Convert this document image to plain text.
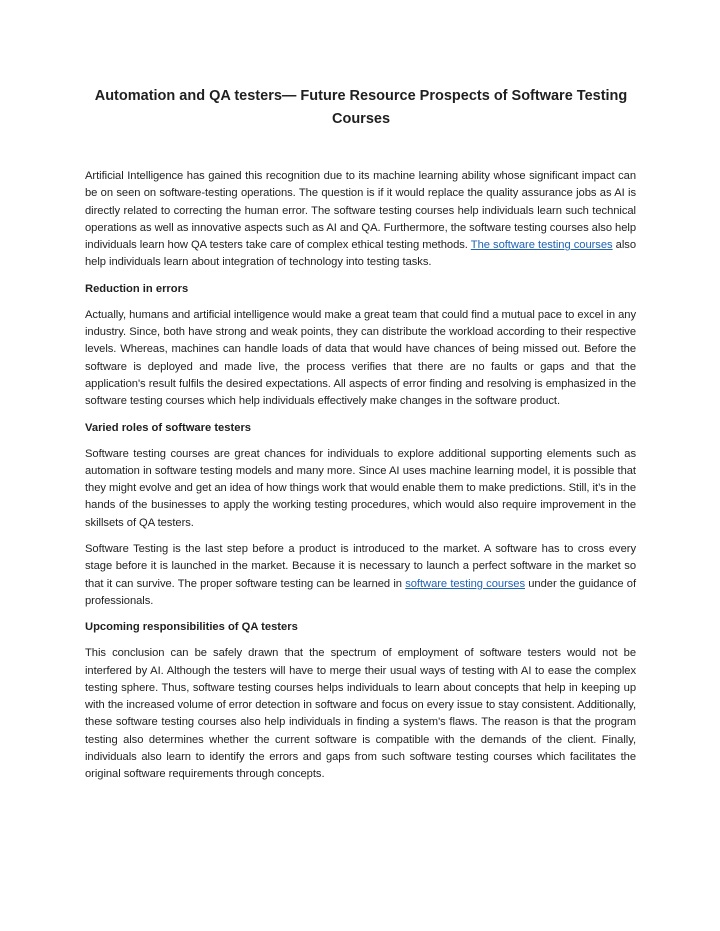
Automation and QA testers— Future Resource Prospects of Software Testing Courses

Artificial Intelligence has gained this recognition due to its machine learning ability whose significant impact can be on seen on software-testing operations. The question is if it would replace the quality assurance jobs as AI is directly related to correcting the human error. The software testing courses help individuals learn such technical operations as well as innovative aspects such as AI and QA. Furthermore, the software testing courses also help individuals learn how QA testers take care of complex ethical testing methods. The software testing courses also help individuals learn about integration of technology into testing tasks.

Reduction in errors

Actually, humans and artificial intelligence would make a great team that could find a mutual pace to excel in any industry. Since, both have strong and weak points, they can distribute the workload according to their respective levels. Whereas, machines can handle loads of data that would have chances of being missed out. Before the software is deployed and made live, the process verifies that there are no faults or gaps and that the application's result fulfils the desired expectations. All aspects of error finding and resolving is emphasized in the software testing courses which help individuals effectively make changes in the software product.

Varied roles of software testers

Software testing courses are great chances for individuals to explore additional supporting elements such as automation in software testing models and many more. Since AI uses machine learning model, it is possible that they might evolve and get an idea of how things work that would enable them to make predictions. Still, it’s in the hands of the businesses to apply the working testing procedures, which would also require improvement in the skillsets of QA testers.

Software Testing is the last step before a product is introduced to the market. A software has to cross every stage before it is launched in the market. Because it is necessary to launch a perfect software in the market so that it can survive. The proper software testing can be learned in software testing courses under the guidance of professionals.

Upcoming responsibilities of QA testers

This conclusion can be safely drawn that the spectrum of employment of software testers would not be interfered by AI. Although the testers will have to merge their usual ways of testing with AI to ease the complex testing sphere. Thus, software testing courses helps individuals to learn about concepts that help in keeping up with the increased volume of error detection in software and focus on every issue to stay consistent. Additionally, these software testing courses also help individuals in finding a system's flaws. The reason is that the program testing also determines whether the current software is compatible with the demands of the client. Finally, individuals also learn to identify the errors and gaps from such software testing courses which facilitates the original software requirements through concepts.
